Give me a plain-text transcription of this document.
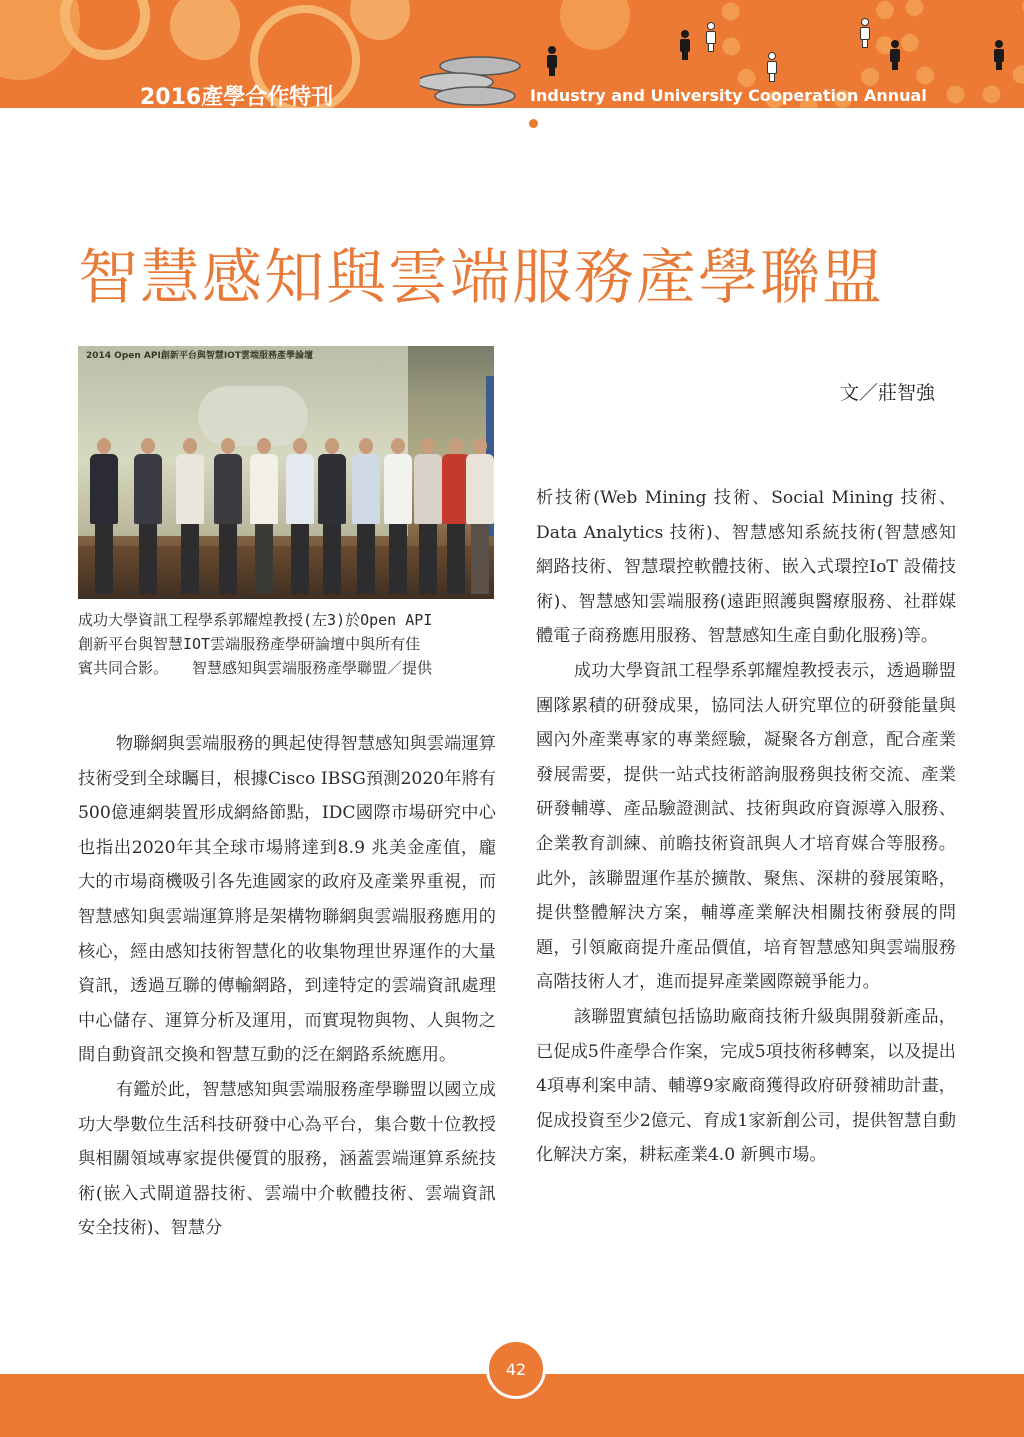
2016產學合作特刊	Industry and University Cooperation Annual
智慧感知與雲端服務產學聯盟
2014 Open API創新平台與智慧IOT雲端服務產學論壇
成功大學資訊工程學系郭耀煌教授(左3)於Open API
創新平台與智慧IOT雲端服務產學研論壇中與所有佳
賓共同合影。 智慧感知與雲端服務產學聯盟／提供
文／莊智強

物聯網與雲端服務的興起使得智慧感知與雲端運算技術受到全球矚目，根據Cisco IBSG預測2020年將有500億連網裝置形成網絡節點，IDC國際市場研究中心也指出2020年其全球市場將達到8.9 兆美金產值，龐大的市場商機吸引各先進國家的政府及產業界重視，而智慧感知與雲端運算將是架構物聯網與雲端服務應用的核心，經由感知技術智慧化的收集物理世界運作的大量資訊，透過互聯的傳輸網路，到達特定的雲端資訊處理中心儲存、運算分析及運用，而實現物與物、人與物之間自動資訊交換和智慧互動的泛在網路系統應用。

有鑑於此，智慧感知與雲端服務產學聯盟以國立成功大學數位生活科技研發中心為平台，集合數十位教授與相關領域專家提供優質的服務，涵蓋雲端運算系統技術(嵌入式閘道器技術、雲端中介軟體技術、雲端資訊安全技術)、智慧分

析技術(Web Mining 技術、Social Mining 技術、Data Analytics 技術)、智慧感知系統技術(智慧感知網路技術、智慧環控軟體技術、嵌入式環控IoT 設備技術)、智慧感知雲端服務(遠距照護與醫療服務、社群媒體電子商務應用服務、智慧感知生產自動化服務)等。

成功大學資訊工程學系郭耀煌教授表示，透過聯盟團隊累積的研發成果，協同法人研究單位的研發能量與國內外產業專家的專業經驗，凝聚各方創意，配合產業發展需要，提供一站式技術諮詢服務與技術交流、產業研發輔導、產品驗證測試、技術與政府資源導入服務、企業教育訓練、前瞻技術資訊與人才培育媒合等服務。此外，該聯盟運作基於擴散、聚焦、深耕的發展策略，提供整體解決方案，輔導產業解決相關技術發展的問題，引領廠商提升產品價值，培育智慧感知與雲端服務高階技術人才，進而提昇產業國際競爭能力。

該聯盟實績包括協助廠商技術升級與開發新產品，已促成5件產學合作案，完成5項技術移轉案，以及提出4項專利案申請、輔導9家廠商獲得政府研發補助計畫，促成投資至少2億元、育成1家新創公司，提供智慧自動化解決方案，耕耘產業4.0 新興市場。

42
